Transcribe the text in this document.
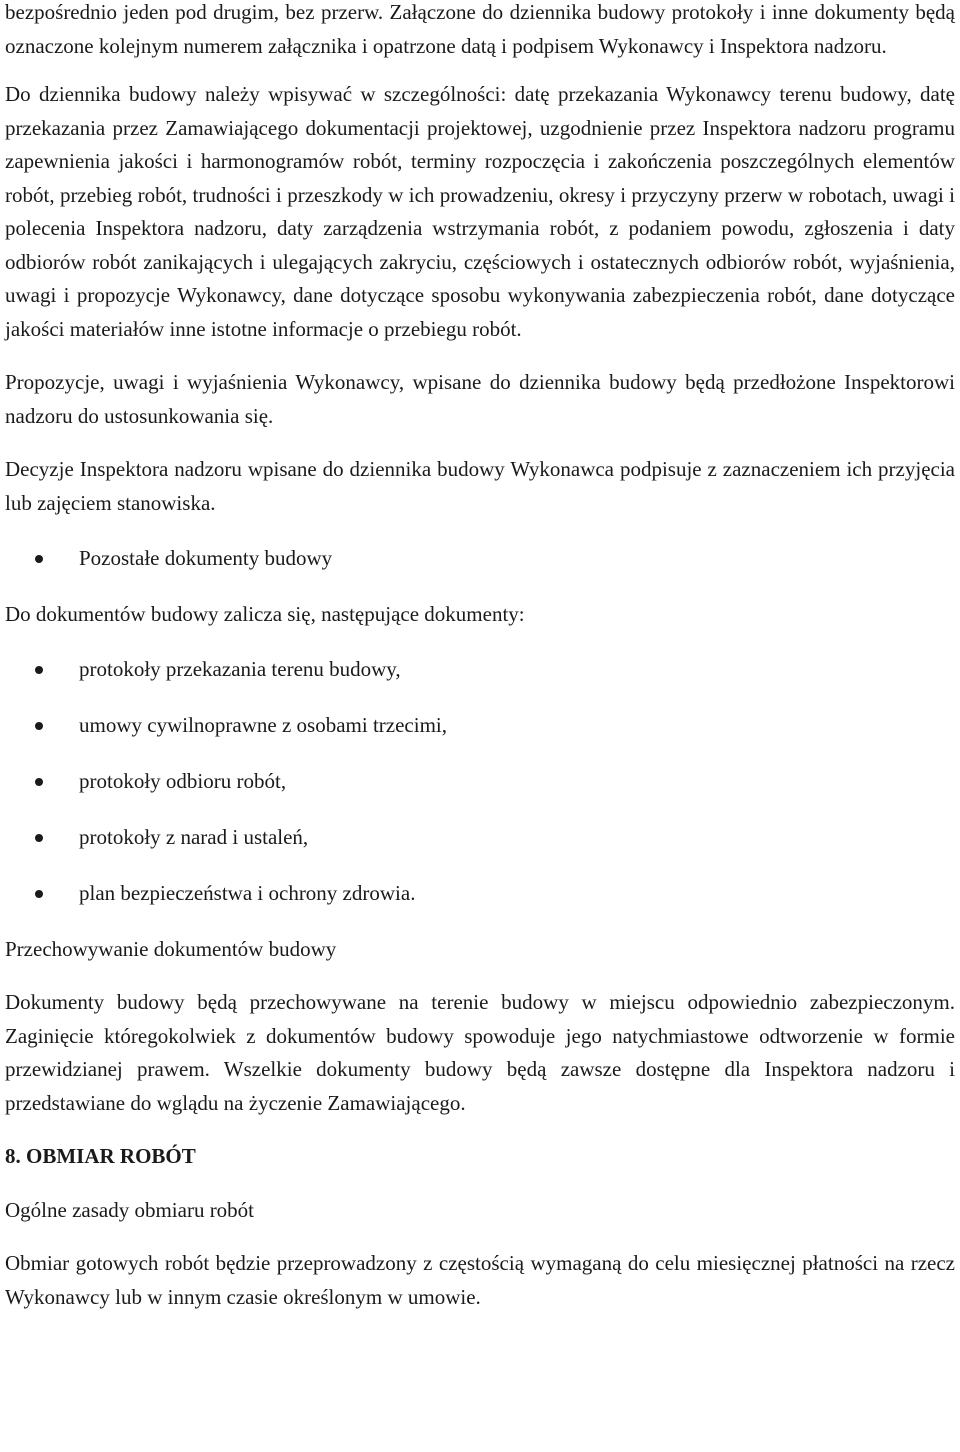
bezpośrednio jeden pod drugim, bez przerw. Załączone do dziennika budowy protokoły i inne dokumenty będą oznaczone kolejnym numerem załącznika i opatrzone datą i podpisem Wykonawcy i Inspektora nadzoru.

Do dziennika budowy należy wpisywać w szczególności: datę przekazania Wykonawcy terenu budowy, datę przekazania przez Zamawiającego dokumentacji projektowej, uzgodnienie przez Inspektora nadzoru programu zapewnienia jakości i harmonogramów robót, terminy rozpoczęcia i zakończenia poszczególnych elementów robót, przebieg robót, trudności i przeszkody w ich prowadzeniu, okresy i przyczyny przerw w robotach, uwagi i polecenia Inspektora nadzoru, daty zarządzenia wstrzymania robót, z podaniem powodu, zgłoszenia i daty odbiorów robót zanikających i ulegających zakryciu, częściowych i ostatecznych odbiorów robót, wyjaśnienia, uwagi i propozycje Wykonawcy, dane dotyczące sposobu wykonywania zabezpieczenia robót, dane dotyczące jakości materiałów inne istotne informacje o przebiegu robót.

Propozycje, uwagi i wyjaśnienia Wykonawcy, wpisane do dziennika budowy będą przedłożone Inspektorowi nadzoru do ustosunkowania się.

Decyzje Inspektora nadzoru wpisane do dziennika budowy Wykonawca podpisuje z zaznaczeniem ich przyjęcia lub zajęciem stanowiska.

Pozostałe dokumenty budowy

Do dokumentów budowy zalicza się, następujące dokumenty:

protokoły przekazania terenu budowy,
umowy cywilnoprawne z osobami trzecimi,
protokoły odbioru robót,
protokoły z narad i ustaleń,
plan bezpieczeństwa i ochrony zdrowia.

Przechowywanie dokumentów budowy

Dokumenty budowy będą przechowywane na terenie budowy w miejscu odpowiednio zabezpieczonym. Zaginięcie któregokolwiek z dokumentów budowy spowoduje jego natychmiastowe odtworzenie w formie przewidzianej prawem. Wszelkie dokumenty budowy będą zawsze dostępne dla Inspektora nadzoru i przedstawiane do wglądu na życzenie Zamawiającego.

8. OBMIAR ROBÓT

Ogólne zasady obmiaru robót

Obmiar gotowych robót będzie przeprowadzony z częstością wymaganą do celu miesięcznej płatności na rzecz Wykonawcy lub w innym czasie określonym w umowie.
